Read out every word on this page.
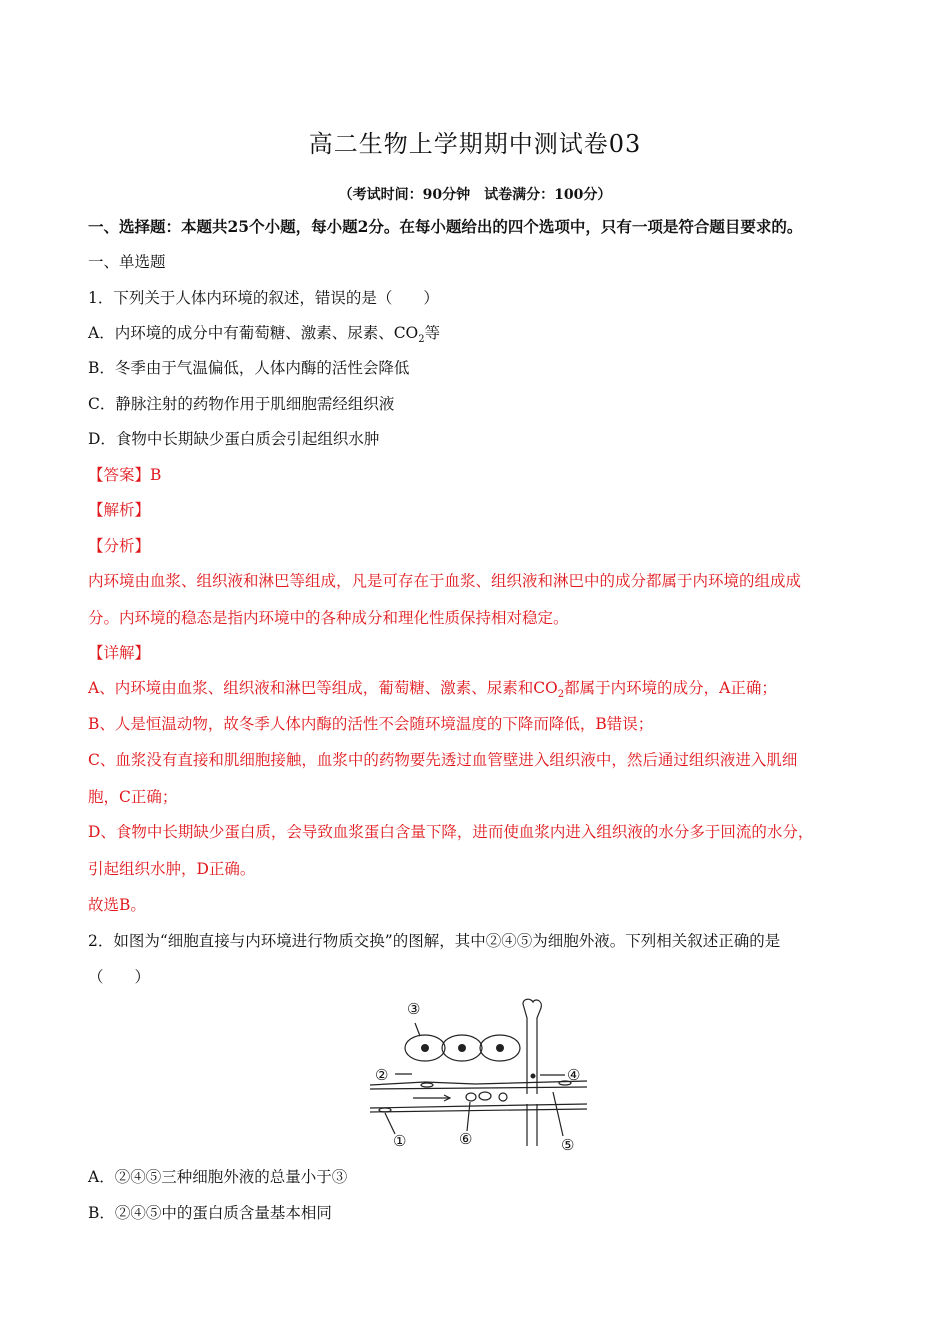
高二生物上学期期中测试卷03
（考试时间：90分钟　试卷满分：100分）
一、选择题：本题共25个小题，每小题2分。在每小题给出的四个选项中，只有一项是符合题目要求的。
一、单选题
1．下列关于人体内环境的叙述，错误的是（　　）
A．内环境的成分中有葡萄糖、激素、尿素、$CO_2$等
B．冬季由于气温偏低，人体内酶的活性会降低
C．静脉注射的药物作用于肌细胞需经组织液
D．食物中长期缺少蛋白质会引起组织水肿
【答案】B
【解析】
【分析】
内环境由血浆、组织液和淋巴等组成，凡是可存在于血浆、组织液和淋巴中的成分都属于内环境的组成成
分。内环境的稳态是指内环境中的各种成分和理化性质保持相对稳定。
【详解】
A、内环境由血浆、组织液和淋巴等组成，葡萄糖、激素、尿素和$CO_2$都属于内环境的成分，A正确；
B、人是恒温动物，故冬季人体内酶的活性不会随环境温度的下降而降低，B错误；
C、血浆没有直接和肌细胞接触，血浆中的药物要先透过血管壁进入组织液中，然后通过组织液进入肌细
胞，C正确；
D、食物中长期缺少蛋白质，会导致血浆蛋白含量下降，进而使血浆内进入组织液的水分多于回流的水分，
引起组织水肿，D正确。
故选B。
2．如图为“细胞直接与内环境进行物质交换”的图解，其中②④⑤为细胞外液。下列相关叙述正确的是
（　　）
③
②	④
①	⑥	⑤
A．②④⑤三种细胞外液的总量小于③
B．②④⑤中的蛋白质含量基本相同
